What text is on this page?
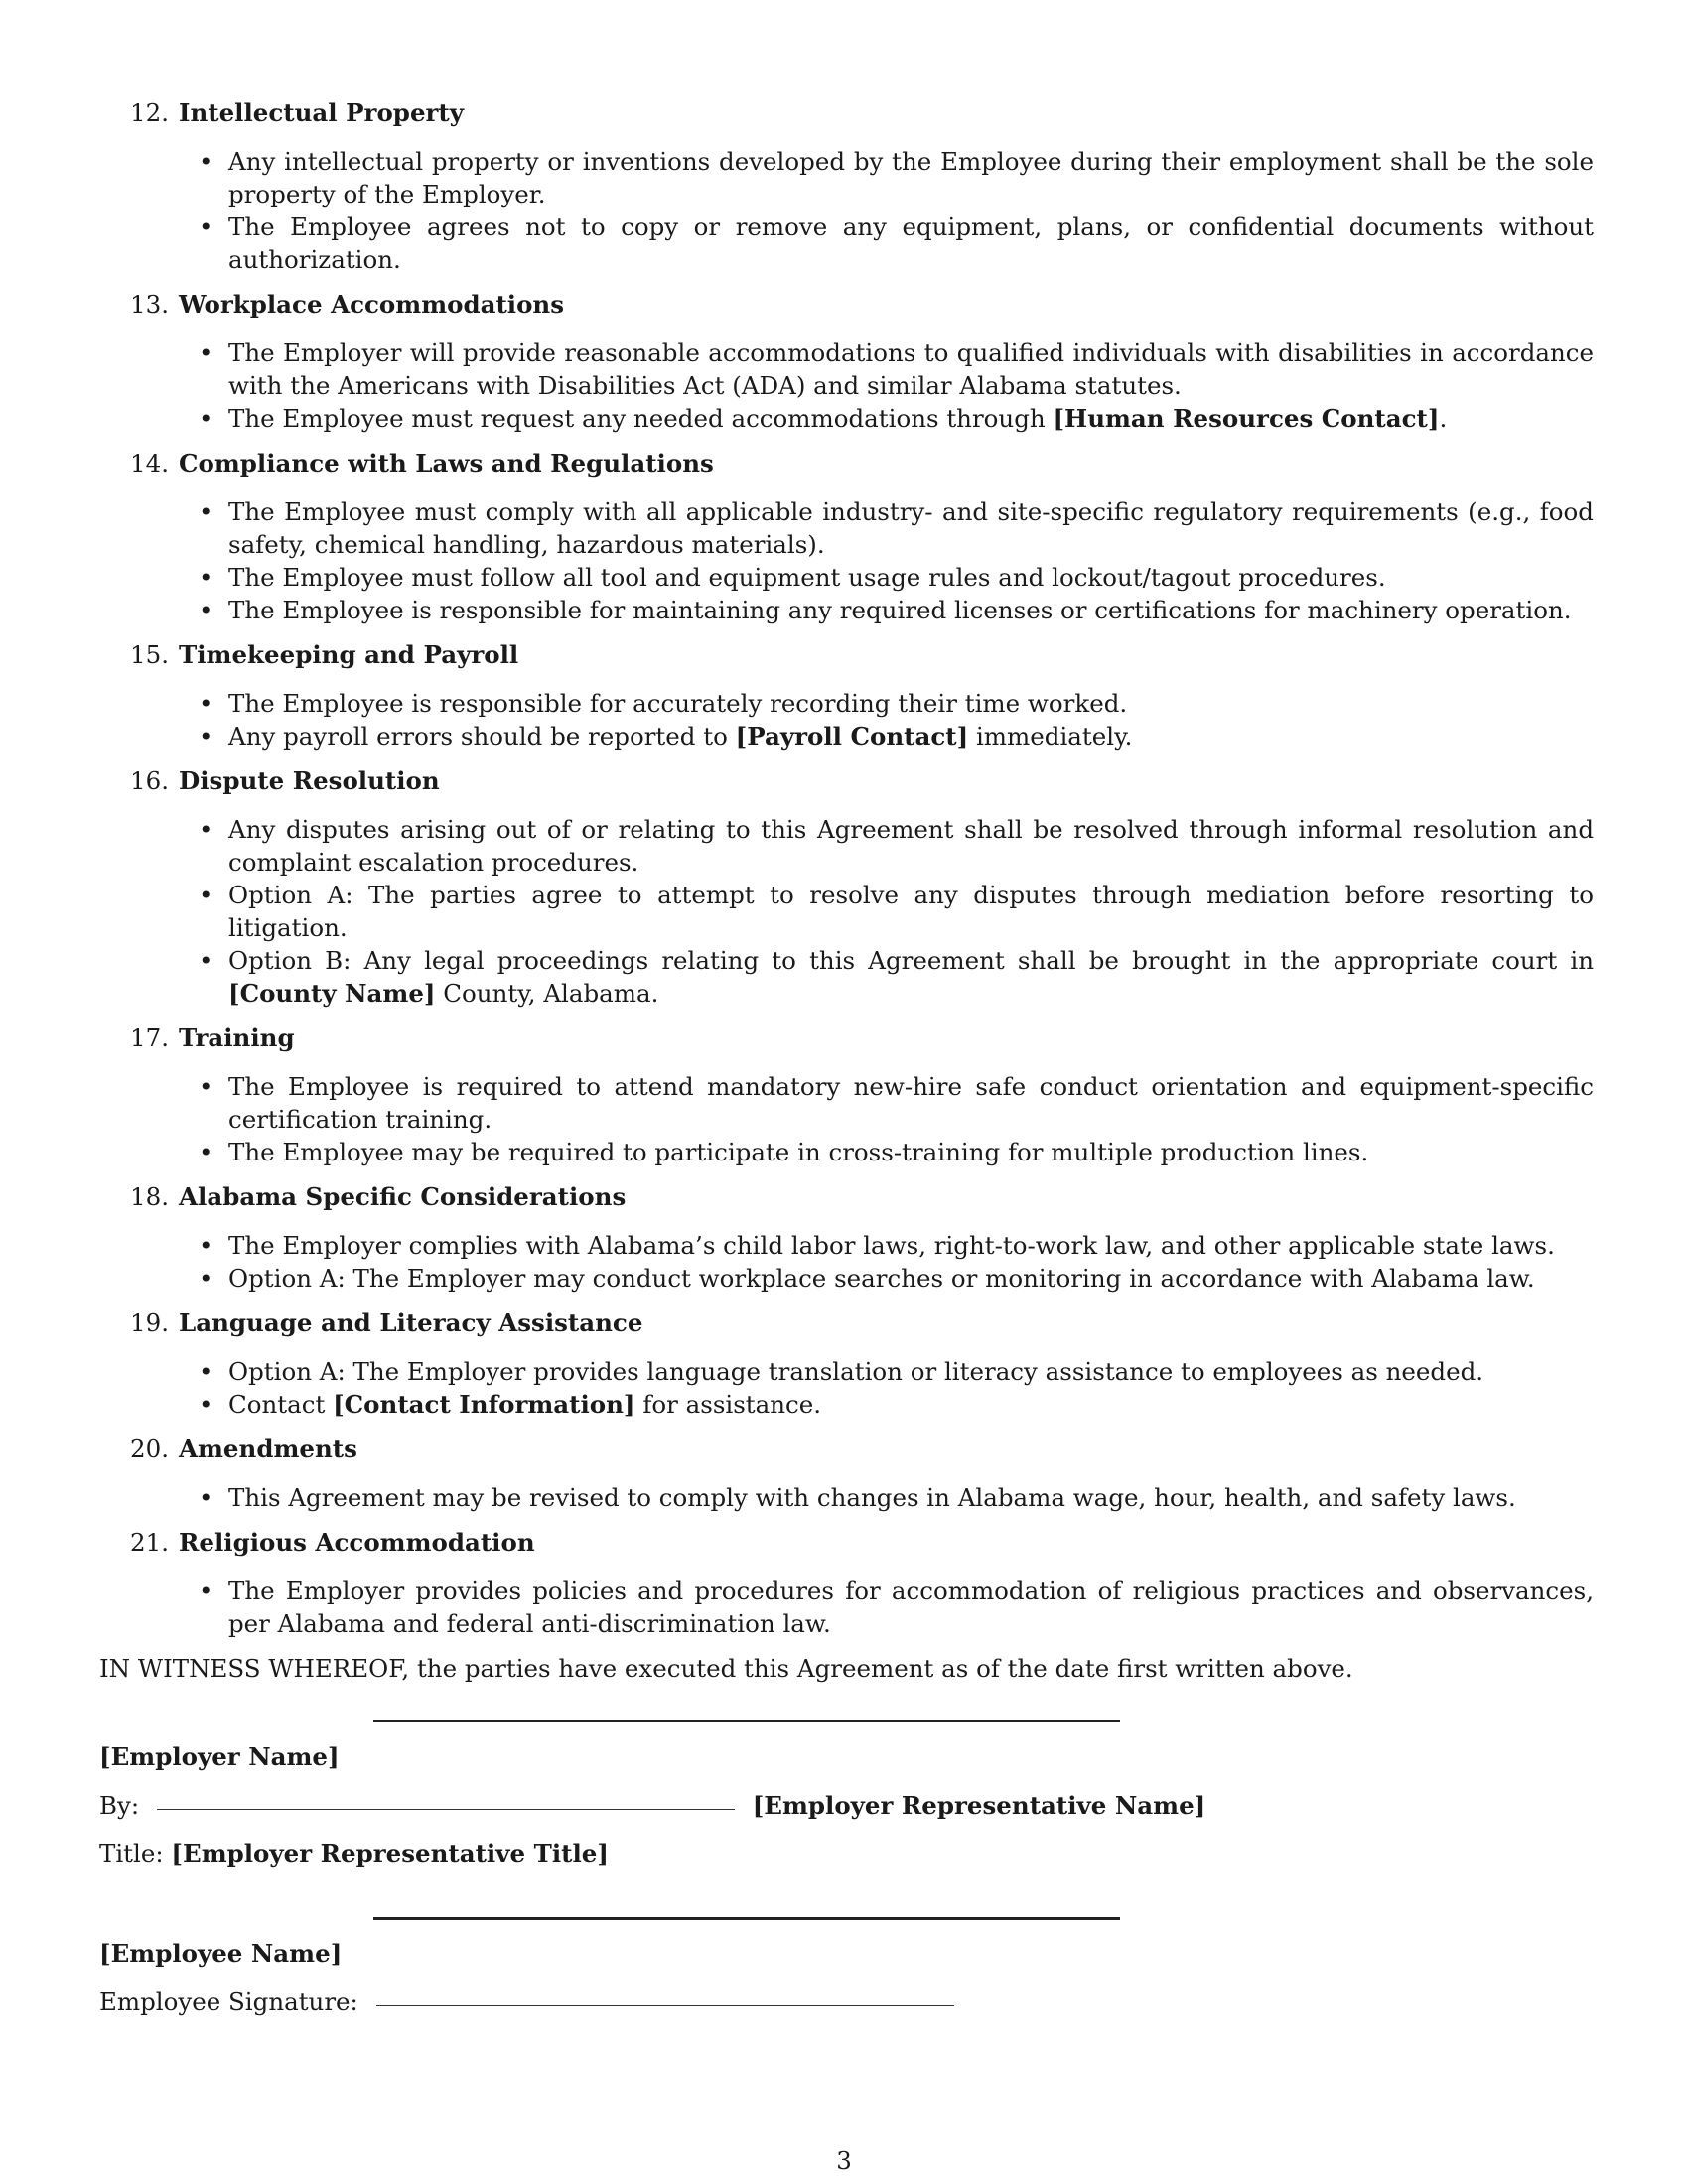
12. Intellectual Property
• Any intellectual property or inventions developed by the Employee during their employment shall be the sole property of the Employer.
• The Employee agrees not to copy or remove any equipment, plans, or confidential documents without authorization.
13. Workplace Accommodations
• The Employer will provide reasonable accommodations to qualified individuals with disabilities in accordance with the Americans with Disabilities Act (ADA) and similar Alabama statutes.
• The Employee must request any needed accommodations through [Human Resources Contact].
14. Compliance with Laws and Regulations
• The Employee must comply with all applicable industry- and site-specific regulatory requirements (e.g., food safety, chemical handling, hazardous materials).
• The Employee must follow all tool and equipment usage rules and lockout/tagout procedures.
• The Employee is responsible for maintaining any required licenses or certifications for machinery operation.
15. Timekeeping and Payroll
• The Employee is responsible for accurately recording their time worked.
• Any payroll errors should be reported to [Payroll Contact] immediately.
16. Dispute Resolution
• Any disputes arising out of or relating to this Agreement shall be resolved through informal resolution and complaint escalation procedures.
• Option A: The parties agree to attempt to resolve any disputes through mediation before resorting to litigation.
• Option B: Any legal proceedings relating to this Agreement shall be brought in the appropriate court in [County Name] County, Alabama.
17. Training
• The Employee is required to attend mandatory new-hire safe conduct orientation and equipment-specific certification training.
• The Employee may be required to participate in cross-training for multiple production lines.
18. Alabama Specific Considerations
• The Employer complies with Alabama’s child labor laws, right-to-work law, and other applicable state laws.
• Option A: The Employer may conduct workplace searches or monitoring in accordance with Alabama law.
19. Language and Literacy Assistance
• Option A: The Employer provides language translation or literacy assistance to employees as needed.
• Contact [Contact Information] for assistance.
20. Amendments
• This Agreement may be revised to comply with changes in Alabama wage, hour, health, and safety laws.
21. Religious Accommodation
• The Employer provides policies and procedures for accommodation of religious practices and observances, per Alabama and federal anti-discrimination law.
IN WITNESS WHEREOF, the parties have executed this Agreement as of the date first written above.
[Employer Name]
By:	[Employer Representative Name]
Title: [Employer Representative Title]
[Employee Name]
Employee Signature:
3
